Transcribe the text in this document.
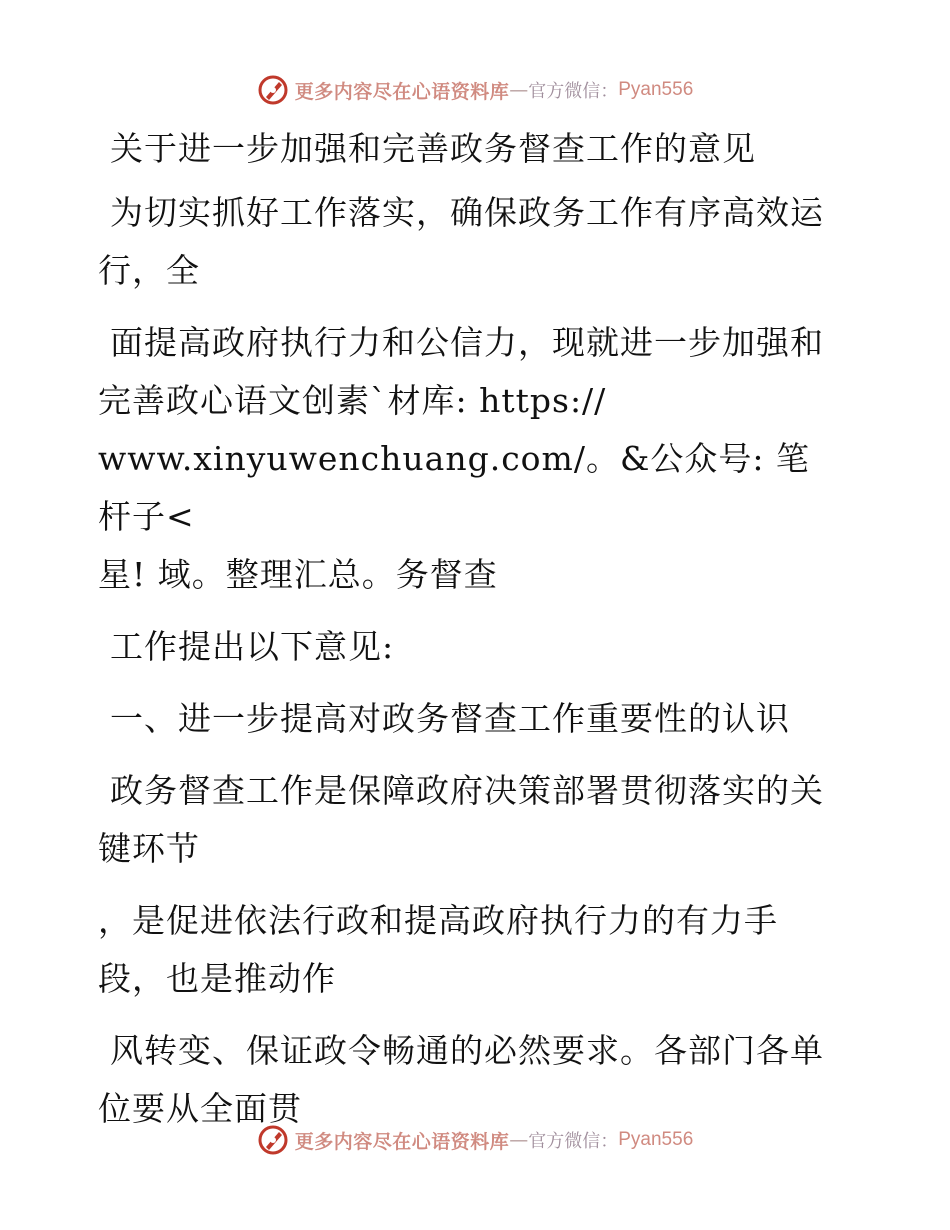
更多内容尽在心语资料库 — 官方微信： Pyan556

关于进一步加强和完善政务督查工作的意见

为切实抓好工作落实，确保政务工作有序高效运行，全

面提高政府执行力和公信力，现就进一步加强和完善政心语文创素`材库: https://

www.xinyuwenchuang.com/。&公众号: 笔杆子<

星! 域。整理汇总。务督查

工作提出以下意见:

一、进一步提高对政务督查工作重要性的认识

政务督查工作是保障政府决策部署贯彻落实的关键环节

，是促进依法行政和提高政府执行力的有力手段，也是推动作

风转变、保证政令畅通的必然要求。各部门各单位要从全面贯

更多内容尽在心语资料库 — 官方微信： Pyan556
